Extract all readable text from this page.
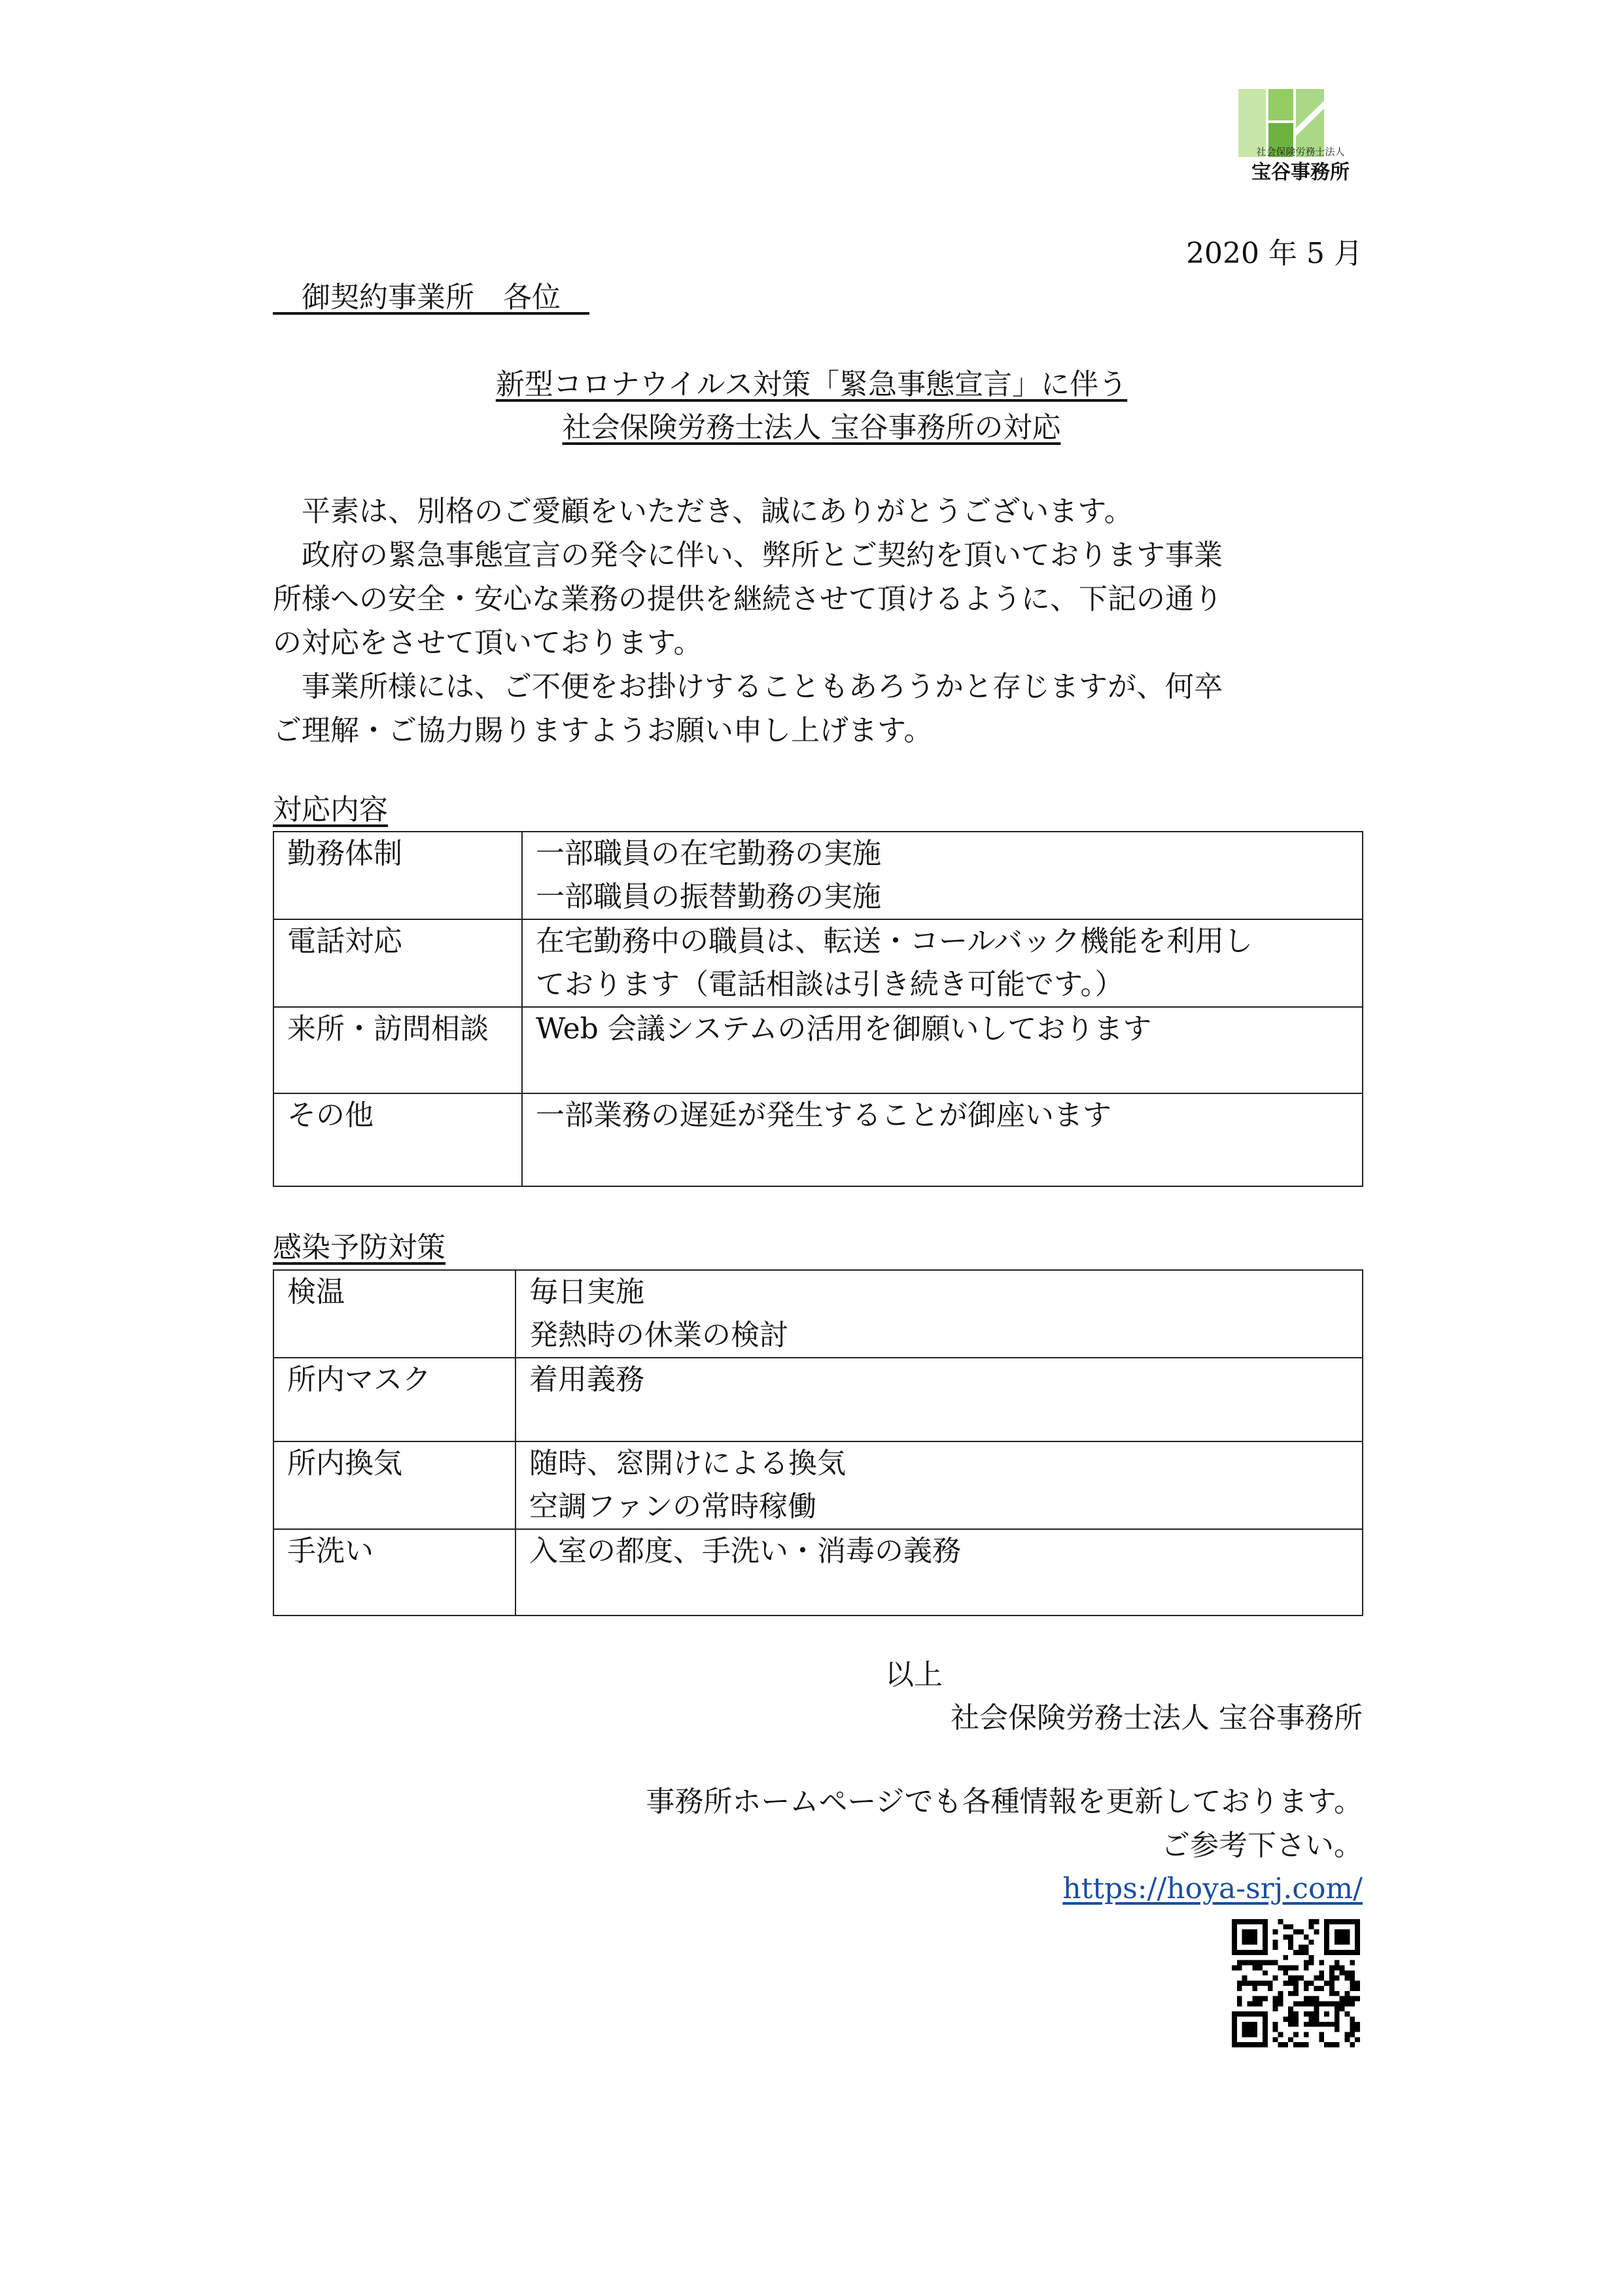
社会保険労務士法人
宝谷事務所
2020 年 5 月
　御契約事業所　各位　
新型コロナウイルス対策「緊急事態宣言」に伴う
社会保険労務士法人 宝谷事務所の対応

　平素は、別格のご愛顧をいただき、誠にありがとうございます。

　政府の緊急事態宣言の発令に伴い、弊所とご契約を頂いております事業

所様への安全・安心な業務の提供を継続させて頂けるように、下記の通り

の対応をさせて頂いております。

　事業所様には、ご不便をお掛けすることもあろうかと存じますが、何卒

ご理解・ご協力賜りますようお願い申し上げます。

対応内容
勤務体制	一部職員の在宅勤務の実施
一部職員の振替勤務の実施

電話対応	在宅勤務中の職員は、転送・コールバック機能を利用し
ております（電話相談は引き続き可能です。）

来所・訪問相談	Web 会議システムの活用を御願いしております

その他	一部業務の遅延が発生することが御座います
感染予防対策
検温	毎日実施
発熱時の休業の検討

所内マスク	着用義務

所内換気	随時、窓開けによる換気
空調ファンの常時稼働

手洗い	入室の都度、手洗い・消毒の義務
以上
社会保険労務士法人 宝谷事務所
事務所ホームページでも各種情報を更新しております。
ご参考下さい。
https://hoya-srj.com/
